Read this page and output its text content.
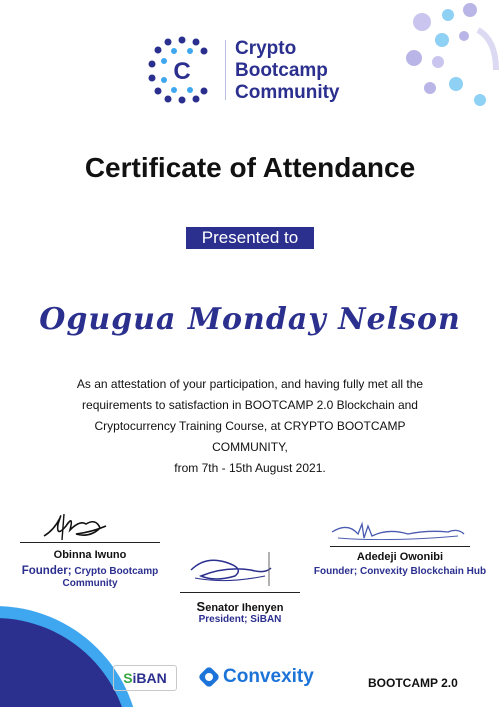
C
Crypto
Bootcamp
Community
Certificate of Attendance
Presented to
Ogugua Monday Nelson
As an attestation of your participation, and having fully met all the
requirements to satisfaction in BOOTCAMP 2.0 Blockchain and
Cryptocurrency Training Course, at CRYPTO BOOTCAMP COMMUNITY,
from 7th - 15th August 2021.
Obinna Iwuno
Founder; Crypto Bootcamp
Community
Senator Ihenyen
President; SiBAN
Adedeji Owonibi
Founder; Convexity Blockchain Hub
SiBAN	Convexity	BOOTCAMP 2.0
